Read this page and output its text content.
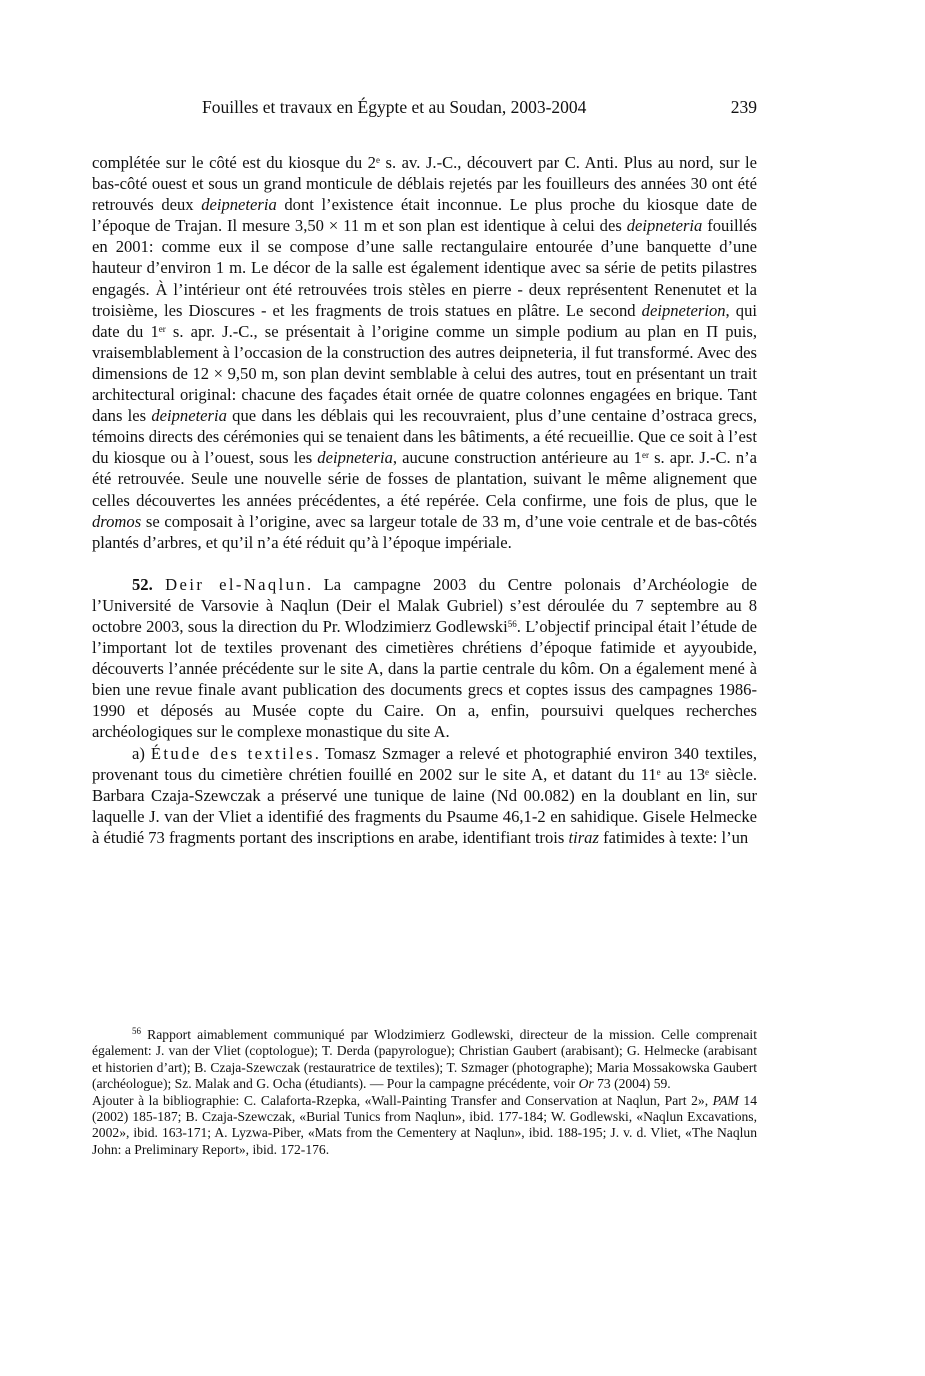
Fouilles et travaux en Égypte et au Soudan, 2003-2004	239

complétée sur le côté est du kiosque du 2e s. av. J.-C., découvert par C. Anti. Plus au nord, sur le bas-côté ouest et sous un grand monticule de déblais rejetés par les fouilleurs des années 30 ont été retrouvés deux deipneteria dont l’existence était inconnue. Le plus proche du kiosque date de l’époque de Trajan. Il mesure 3,50 × 11 m et son plan est identique à celui des deipneteria fouillés en 2001: comme eux il se compose d’une salle rectangulaire entourée d’une banquette d’une hauteur d’environ 1 m. Le décor de la salle est également identique avec sa série de petits pilastres engagés. À l’intérieur ont été retrouvées trois stèles en pierre - deux représentent Renenutet et la troisième, les Dioscures - et les fragments de trois statues en plâtre. Le second deipneterion, qui date du 1er s. apr. J.-C., se présentait à l’origine comme un simple podium au plan en Π puis, vraisemblablement à l’occasion de la construction des autres deipneteria, il fut transformé. Avec des dimensions de 12 × 9,50 m, son plan devint semblable à celui des autres, tout en présentant un trait architectural original: chacune des façades était ornée de quatre colonnes engagées en brique. Tant dans les deipneteria que dans les déblais qui les recouvraient, plus d’une centaine d’ostraca grecs, témoins directs des cérémonies qui se tenaient dans les bâtiments, a été recueillie. Que ce soit à l’est du kiosque ou à l’ouest, sous les deipneteria, aucune construction antérieure au 1er s. apr. J.-C. n’a été retrouvée. Seule une nouvelle série de fosses de plantation, suivant le même alignement que celles découvertes les années précédentes, a été repérée. Cela confirme, une fois de plus, que le dromos se composait à l’origine, avec sa largeur totale de 33 m, d’une voie centrale et de bas-côtés plantés d’arbres, et qu’il n’a été réduit qu’à l’époque impériale.

52. Deir el-Naqlun. La campagne 2003 du Centre polonais d’Archéologie de l’Université de Varsovie à Naqlun (Deir el Malak Gubriel) s’est déroulée du 7 septembre au 8 octobre 2003, sous la direction du Pr. Wlodzimierz Godlewski$^{56}$. L’objectif principal était l’étude de l’important lot de textiles provenant des cimetières chrétiens d’époque fatimide et ayyoubide, découverts l’année précédente sur le site A, dans la partie centrale du kôm. On a également mené à bien une revue finale avant publication des documents grecs et coptes issus des campagnes 1986-1990 et déposés au Musée copte du Caire. On a, enfin, poursuivi quelques recherches archéologiques sur le complexe monastique du site A.

a) Étude des textiles. Tomasz Szmager a relevé et photographié environ 340 textiles, provenant tous du cimetière chrétien fouillé en 2002 sur le site A, et datant du 11e au 13e siècle. Barbara Czaja-Szewczak a préservé une tunique de laine (Nd 00.082) en la doublant en lin, sur laquelle J. van der Vliet a identifié des fragments du Psaume 46,1-2 en sahidique. Gisele Helmecke à étudié 73 fragments portant des inscriptions en arabe, identifiant trois tiraz fatimides à texte: l’un

$^{56}$ Rapport aimablement communiqué par Wlodzimierz Godlewski, directeur de la mission. Celle comprenait également: J. van der Vliet (coptologue); T. Derda (papyrologue); Christian Gaubert (arabisant); G. Helmecke (arabisant et historien d’art); B. Czaja-Szewczak (restauratrice de textiles); T. Szmager (photographe); Maria Mossakowska Gaubert (archéologue); Sz. Malak and G. Ocha (étudiants). — Pour la campagne précédente, voir Or 73 (2004) 59.

Ajouter à la bibliographie: C. Calaforta-Rzepka, «Wall-Painting Transfer and Conservation at Naqlun, Part 2», PAM 14 (2002) 185-187; B. Czaja-Szewczak, «Burial Tunics from Naqlun», ibid. 177-184; W. Godlewski, «Naqlun Excavations, 2002», ibid. 163-171; A. Lyzwa-Piber, «Mats from the Cementery at Naqlun», ibid. 188-195; J. v. d. Vliet, «The Naqlun John: a Preliminary Report», ibid. 172-176.
